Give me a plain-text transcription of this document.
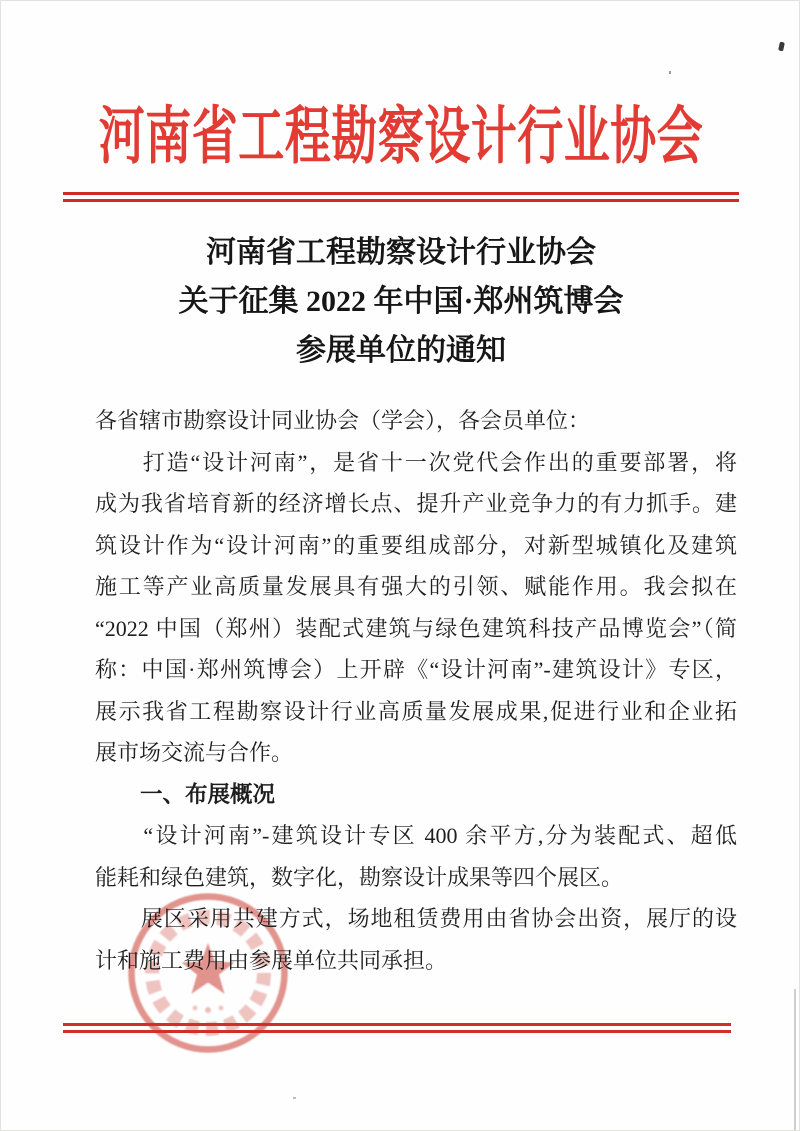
河南省工程勘察设计行业协会
河南省工程勘察设计行业协会
关于征集 2022 年中国·郑州筑博会
参展单位的通知
各省辖市勘察设计同业协会（学会），各会员单位：
　　打造“设计河南”，是省十一次党代会作出的重要部署，将
成为我省培育新的经济增长点、提升产业竞争力的有力抓手。建
筑设计作为“设计河南”的重要组成部分，对新型城镇化及建筑
施工等产业高质量发展具有强大的引领、赋能作用。我会拟在
“2022 中国（郑州）装配式建筑与绿色建筑科技产品博览会”（简
称：中国·郑州筑博会）上开辟《“设计河南”-建筑设计》专区，
展示我省工程勘察设计行业高质量发展成果,促进行业和企业拓
展市场交流与合作。
　　一、布展概况
　　“设计河南”-建筑设计专区 400 余平方,分为装配式、超低
能耗和绿色建筑，数字化，勘察设计成果等四个展区。
　　展区采用共建方式，场地租赁费用由省协会出资，展厅的设
计和施工费用由参展单位共同承担。
